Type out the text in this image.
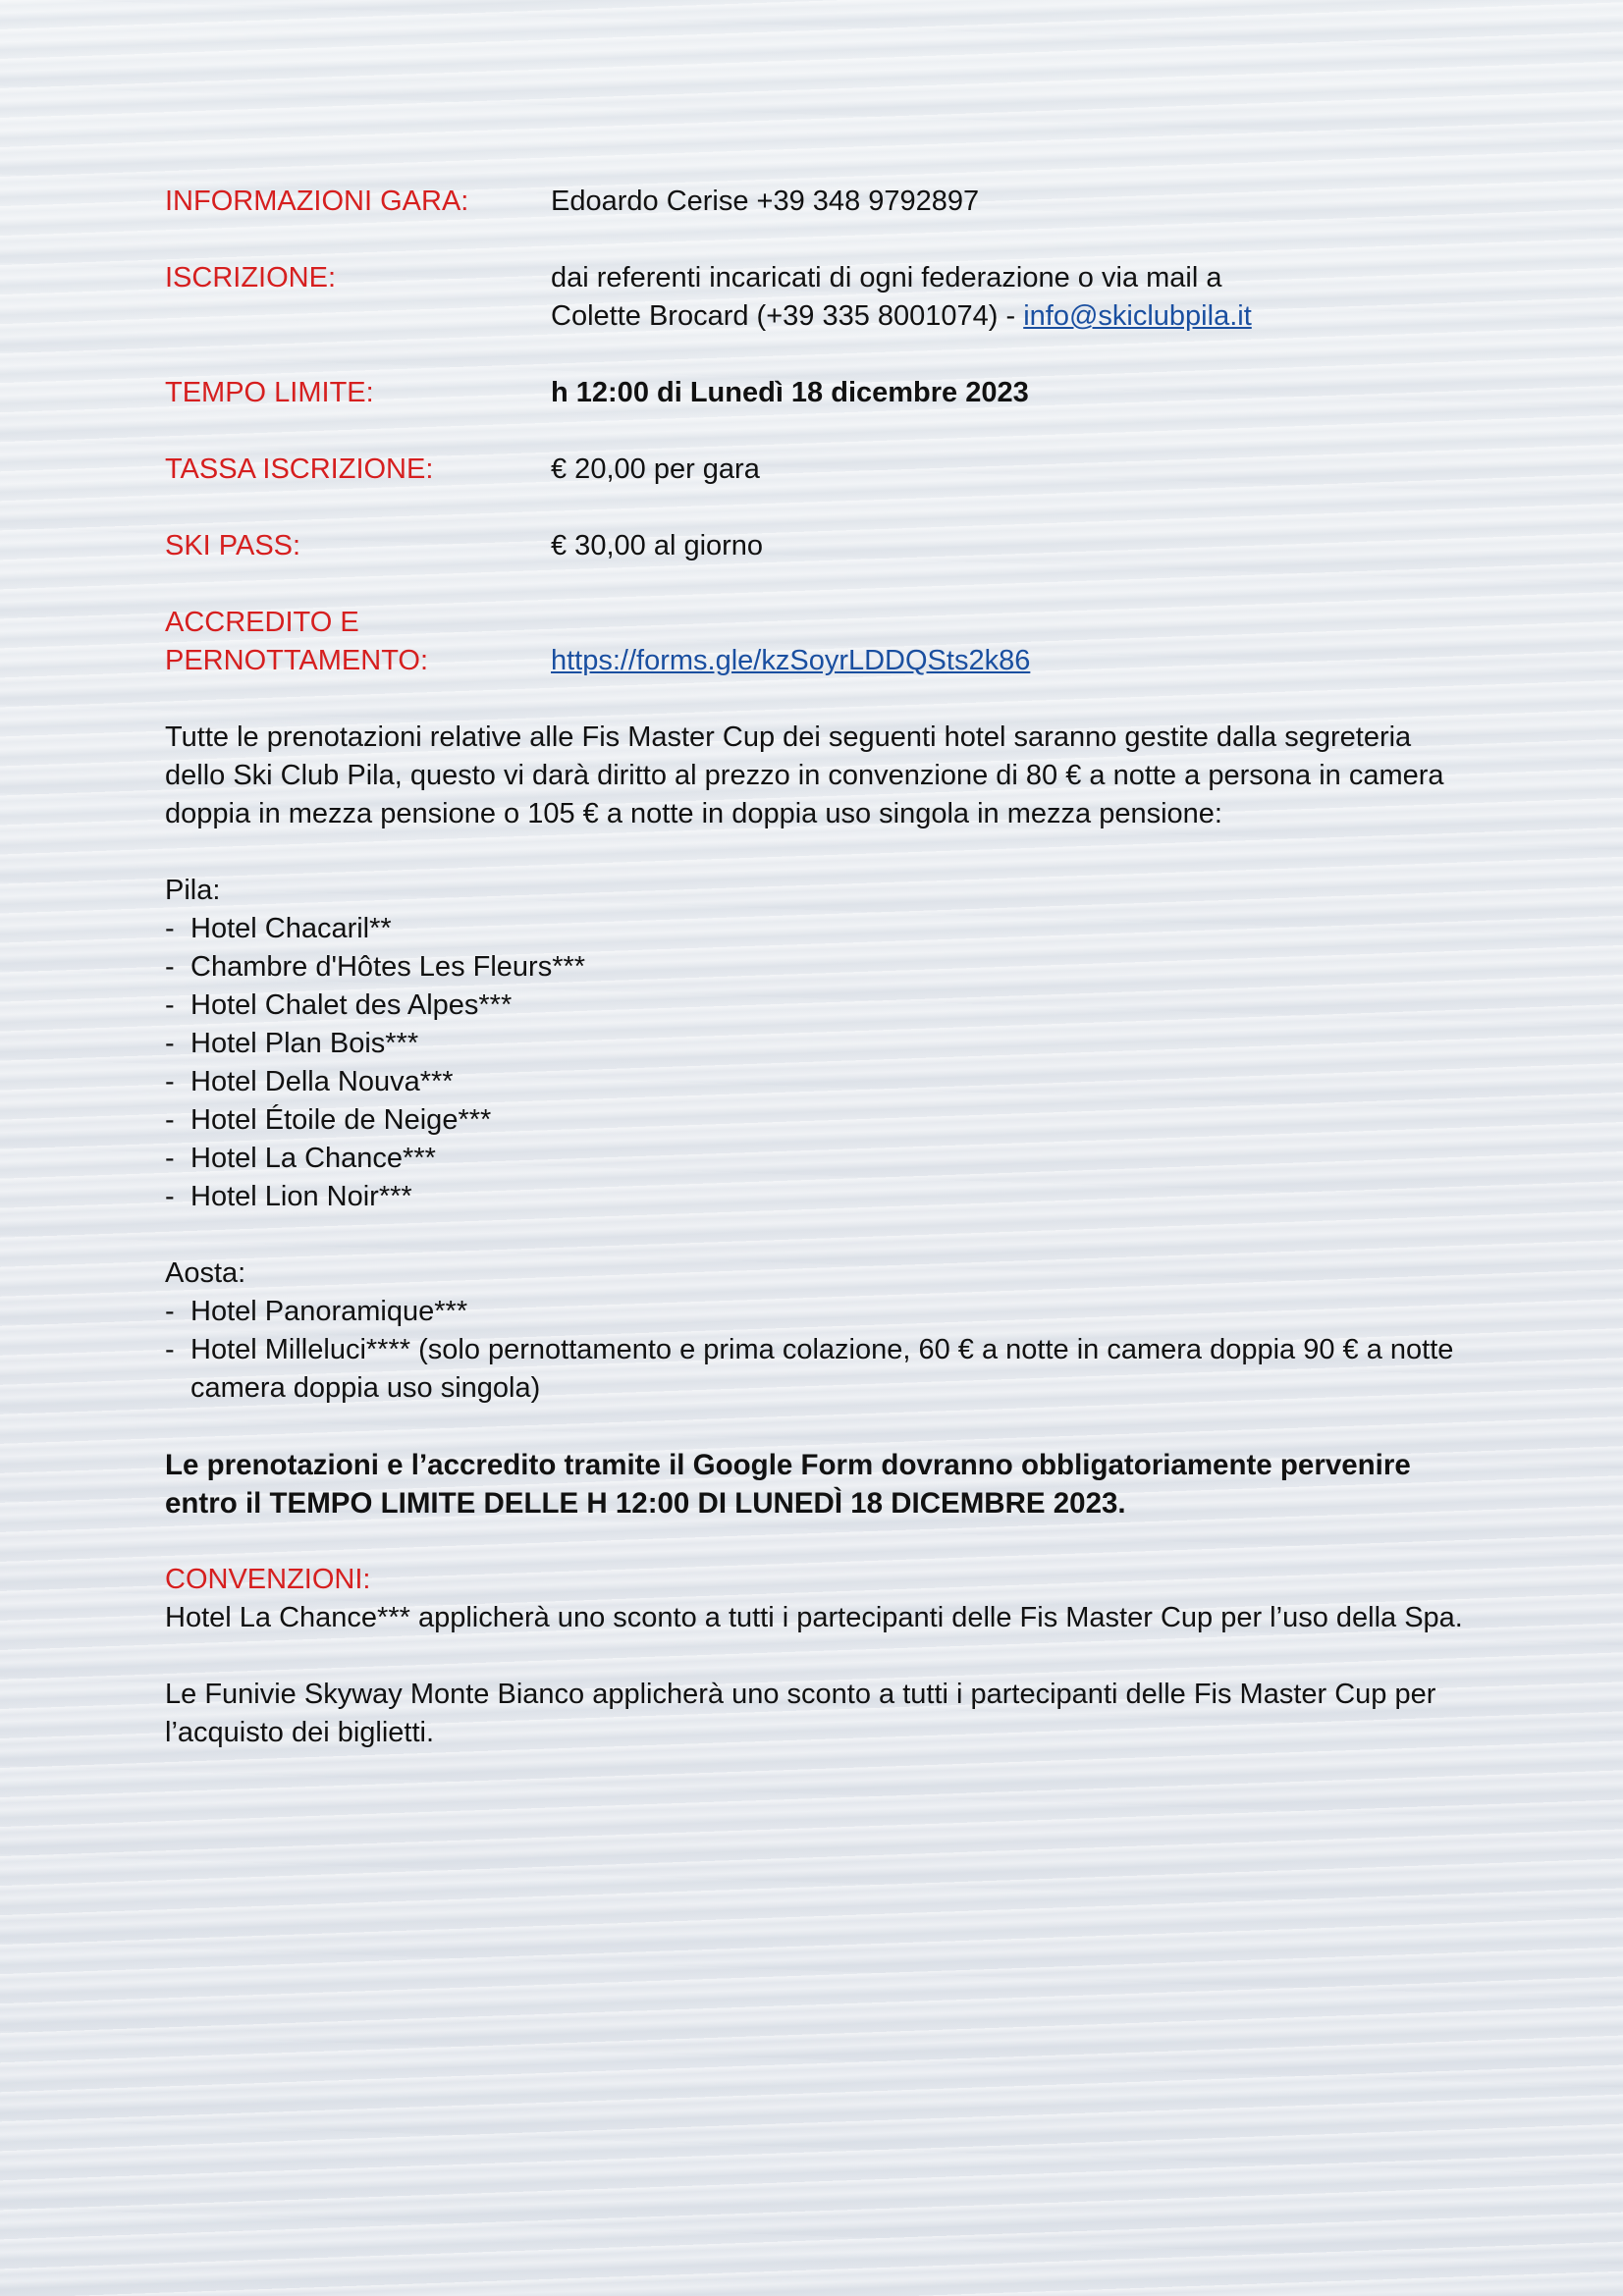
INFORMAZIONI GARA:	Edoardo Cerise +39 348 9792897
ISCRIZIONE:	dai referenti incaricati di ogni federazione o via mail a
Colette Brocard (+39 335 8001074) - info@skiclubpila.it
TEMPO LIMITE:	h 12:00 di Lunedì 18 dicembre 2023
TASSA ISCRIZIONE:	€ 20,00 per gara
SKI PASS:	€ 30,00 al giorno
ACCREDITO E
PERNOTTAMENTO:	https://forms.gle/kzSoyrLDDQSts2k86

Tutte le prenotazioni relative alle Fis Master Cup dei seguenti hotel saranno gestite dalla segreteria dello Ski Club Pila, questo vi darà diritto al prezzo in convenzione di 80 € a notte a persona in camera doppia in mezza pensione o 105 € a notte in doppia uso singola in mezza pensione:

Pila:

- Hotel Chacaril**
- Chambre d'Hôtes Les Fleurs***
- Hotel Chalet des Alpes***
- Hotel Plan Bois***
- Hotel Della Nouva***
- Hotel Étoile de Neige***
- Hotel La Chance***
- Hotel Lion Noir***

Aosta:

- Hotel Panoramique***
- Hotel Milleluci**** (solo pernottamento e prima colazione, 60 € a notte in camera doppia 90 € a notte camera doppia uso singola)

Le prenotazioni e l’accredito tramite il Google Form dovranno obbligatoriamente pervenire entro il TEMPO LIMITE DELLE H 12:00 DI LUNEDÌ 18 DICEMBRE 2023.

CONVENZIONI:

Hotel La Chance*** applicherà uno sconto a tutti i partecipanti delle Fis Master Cup per l’uso della Spa.

Le Funivie Skyway Monte Bianco applicherà uno sconto a tutti i partecipanti delle Fis Master Cup per l’acquisto dei biglietti.
